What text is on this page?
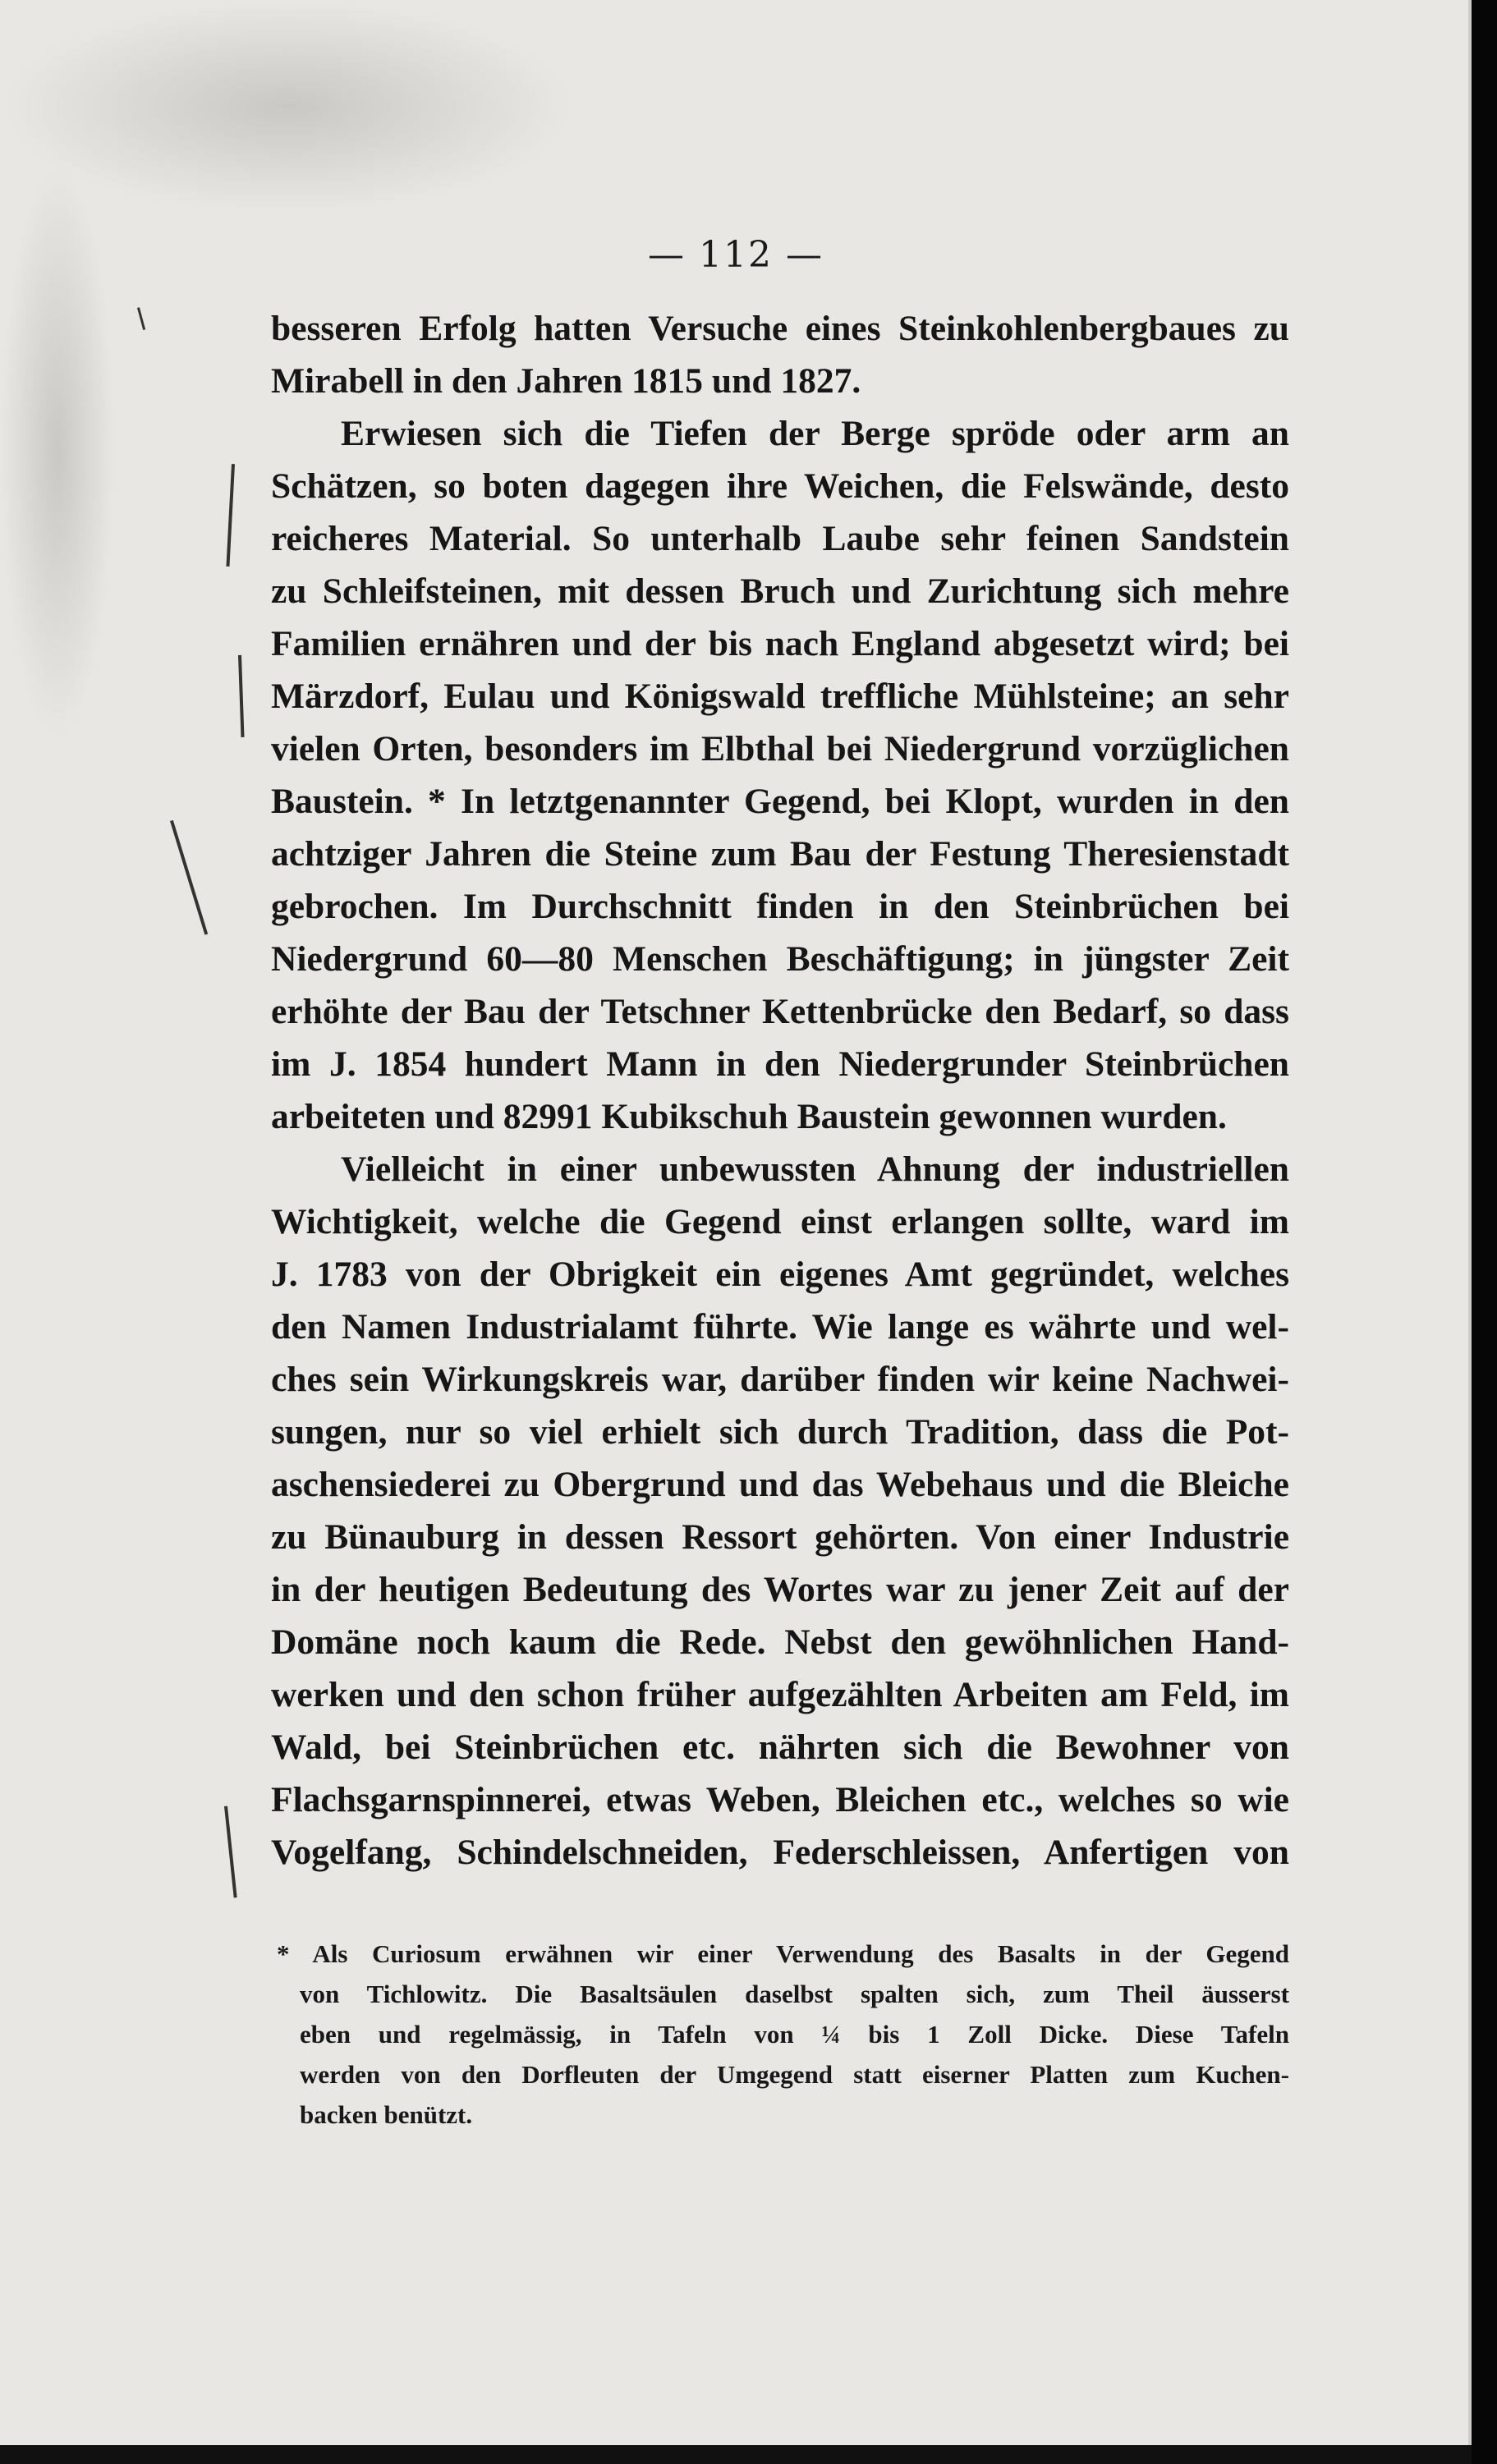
— 112 —
besseren Erfolg hatten Versuche eines Steinkohlenbergbaues zu
Mirabell in den Jahren 1815 und 1827.
Erwiesen sich die Tiefen der Berge spröde oder arm an
Schätzen, so boten dagegen ihre Weichen, die Felswände, desto
reicheres Material. So unterhalb Laube sehr feinen Sandstein
zu Schleifsteinen, mit dessen Bruch und Zurichtung sich mehre
Familien ernähren und der bis nach England abgesetzt wird; bei
Märzdorf, Eulau und Königswald treffliche Mühlsteine; an sehr
vielen Orten, besonders im Elbthal bei Niedergrund vorzüglichen
Baustein. * In letztgenannter Gegend, bei Klopt, wurden in den
achtziger Jahren die Steine zum Bau der Festung Theresienstadt
gebrochen. Im Durchschnitt finden in den Steinbrüchen bei
Niedergrund 60—80 Menschen Beschäftigung; in jüngster Zeit
erhöhte der Bau der Tetschner Kettenbrücke den Bedarf, so dass
im J. 1854 hundert Mann in den Niedergrunder Steinbrüchen
arbeiteten und 82991 Kubikschuh Baustein gewonnen wurden.
Vielleicht in einer unbewussten Ahnung der industriellen
Wichtigkeit, welche die Gegend einst erlangen sollte, ward im
J. 1783 von der Obrigkeit ein eigenes Amt gegründet, welches
den Namen Industrialamt führte. Wie lange es währte und wel-
ches sein Wirkungskreis war, darüber finden wir keine Nachwei-
sungen, nur so viel erhielt sich durch Tradition, dass die Pot-
aschensiederei zu Obergrund und das Webehaus und die Bleiche
zu Bünauburg in dessen Ressort gehörten. Von einer Industrie
in der heutigen Bedeutung des Wortes war zu jener Zeit auf der
Domäne noch kaum die Rede. Nebst den gewöhnlichen Hand-
werken und den schon früher aufgezählten Arbeiten am Feld, im
Wald, bei Steinbrüchen etc. nährten sich die Bewohner von
Flachsgarnspinnerei, etwas Weben, Bleichen etc., welches so wie
Vogelfang, Schindelschneiden, Federschleissen, Anfertigen von
* Als Curiosum erwähnen wir einer Verwendung des Basalts in der Gegend
von Tichlowitz. Die Basaltsäulen daselbst spalten sich, zum Theil äusserst
eben und regelmässig, in Tafeln von ¼ bis 1 Zoll Dicke. Diese Tafeln
werden von den Dorfleuten der Umgegend statt eiserner Platten zum Kuchen-
backen benützt.
